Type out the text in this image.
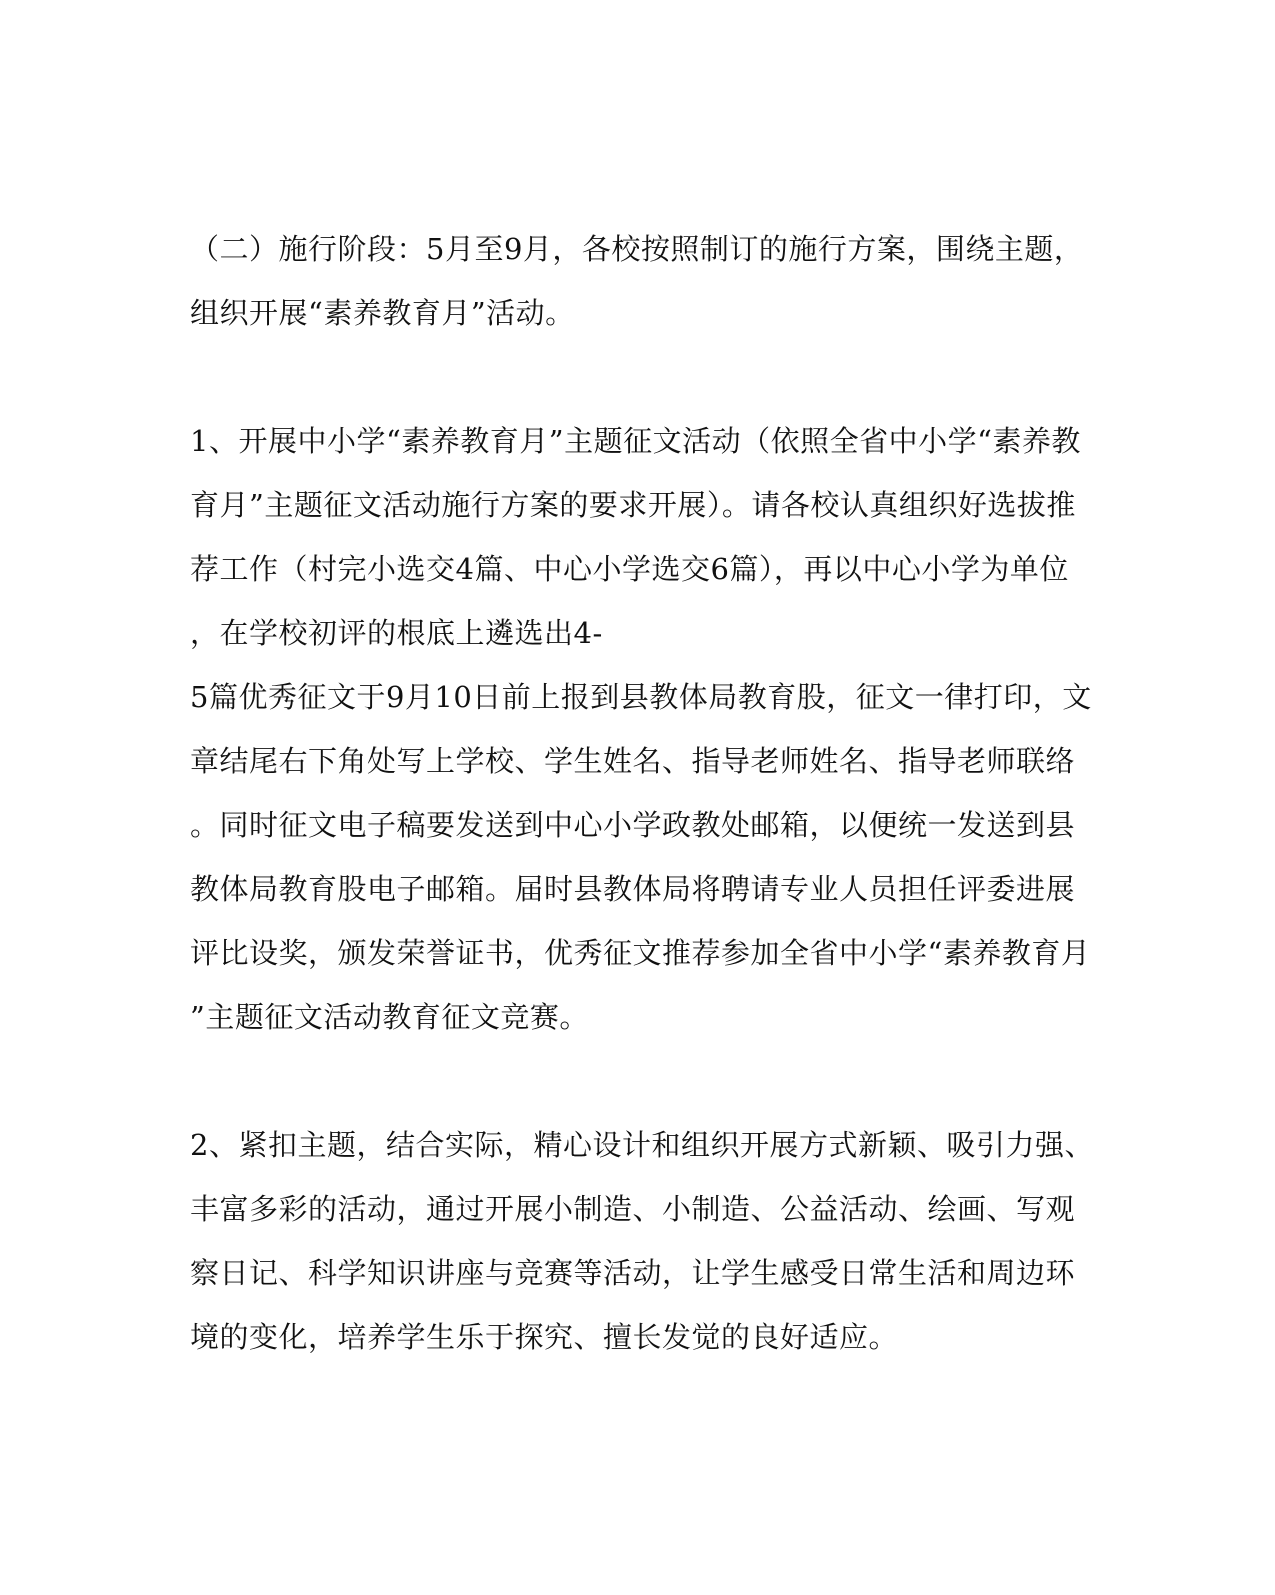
（二）施行阶段：5月至9月，各校按照制订的施行方案，围绕主题，
组织开展“素养教育月”活动。
1、开展中小学“素养教育月”主题征文活动（依照全省中小学“素养教
育月”主题征文活动施行方案的要求开展）。请各校认真组织好选拔推
荐工作（村完小选交4篇、中心小学选交6篇），再以中心小学为单位
，在学校初评的根底上遴选出4-
5篇优秀征文于9月10日前上报到县教体局教育股，征文一律打印，文
章结尾右下角处写上学校、学生姓名、指导老师姓名、指导老师联络
。同时征文电子稿要发送到中心小学政教处邮箱，以便统一发送到县
教体局教育股电子邮箱。届时县教体局将聘请专业人员担任评委进展
评比设奖，颁发荣誉证书，优秀征文推荐参加全省中小学“素养教育月
”主题征文活动教育征文竞赛。
2、紧扣主题，结合实际，精心设计和组织开展方式新颖、吸引力强、
丰富多彩的活动，通过开展小制造、小制造、公益活动、绘画、写观
察日记、科学知识讲座与竞赛等活动，让学生感受日常生活和周边环
境的变化，培养学生乐于探究、擅长发觉的良好适应。
